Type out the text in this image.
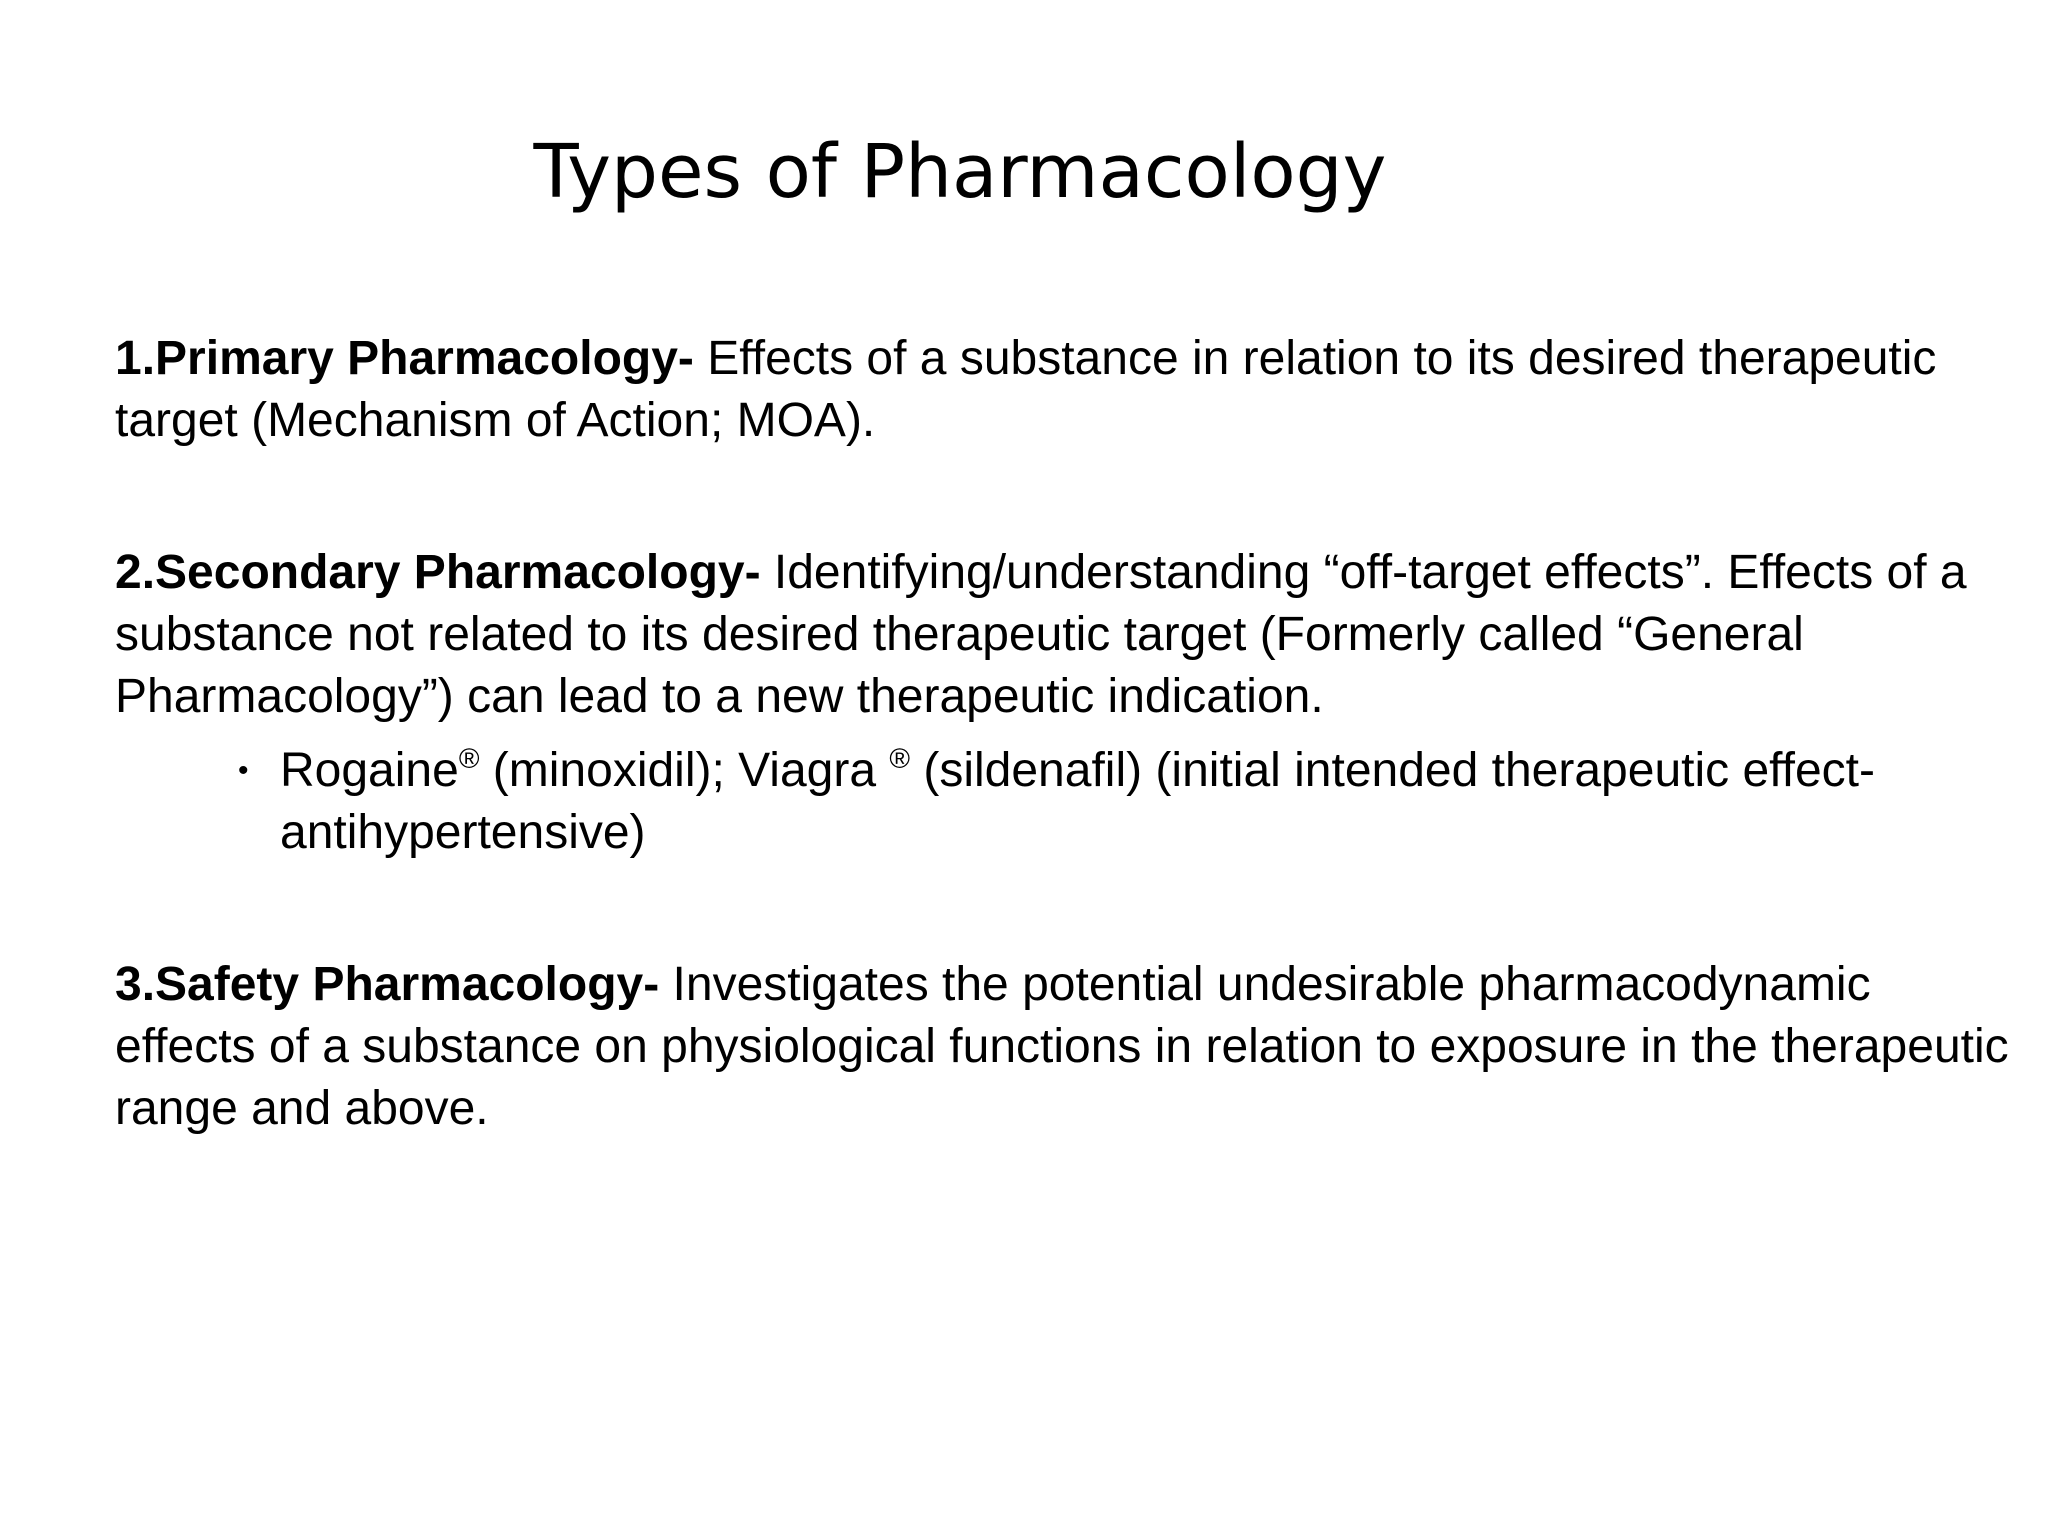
Types of Pharmacology

1.Primary Pharmacology- Effects of a substance in relation to its desired therapeutic target (Mechanism of Action; MOA).

2.Secondary Pharmacology- Identifying/understanding “off-target effects”. Effects of a substance not related to its desired therapeutic target (Formerly called “General Pharmacology”) can lead to a new therapeutic indication.

• Rogaine® (minoxidil); Viagra ® (sildenafil) (initial intended therapeutic effect- antihypertensive)

3.Safety Pharmacology- Investigates the potential undesirable pharmacodynamic effects of a substance on physiological functions in relation to exposure in the therapeutic range and above.
